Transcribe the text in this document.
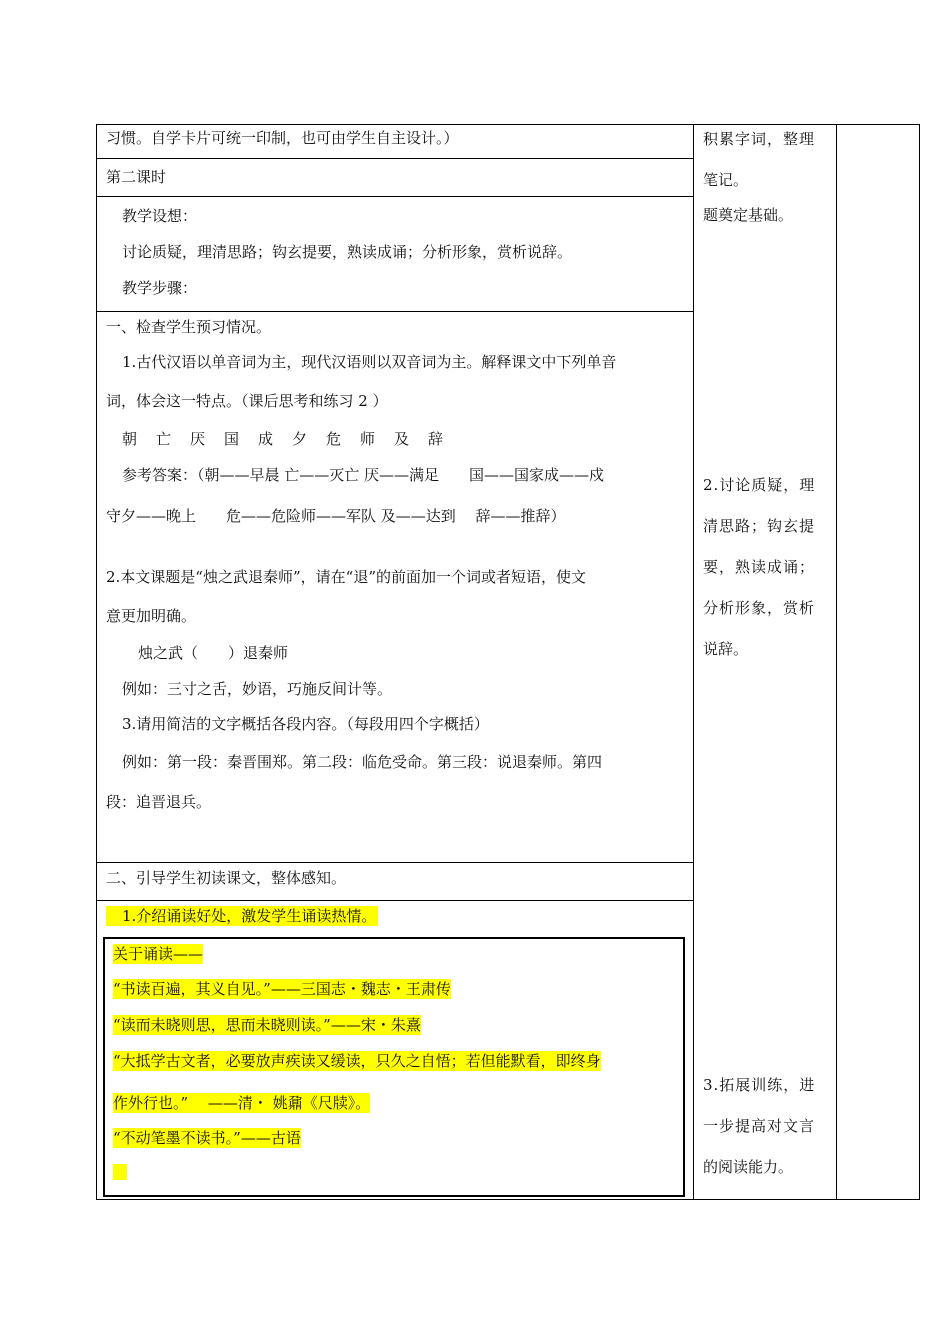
习惯。自学卡片可统一印制，也可由学生自主设计。）
第二课时
教学设想：
讨论质疑，理清思路；钩玄提要，熟读成诵；分析形象，赏析说辞。
教学步骤：
一、检查学生预习情况。
1.古代汉语以单音词为主，现代汉语则以双音词为主。解释课文中下列单音
词，体会这一特点。（课后思考和练习 2 ）
朝　亡　厌　国　成　夕　危　师　及　辞
参考答案：（朝——早晨 亡——灭亡 厌——满足　　国——国家成——戍
守夕——晚上　　危——危险师——军队 及——达到　 辞——推辞）
2.本文课题是“烛之武退秦师”，请在“退”的前面加一个词或者短语，使文
意更加明确。
烛之武（　　）退秦师
例如：三寸之舌，妙语，巧施反间计等。
3.请用简洁的文字概括各段内容。（每段用四个字概括）
例如：第一段：秦晋围郑。第二段：临危受命。第三段：说退秦师。第四
段：追晋退兵。
二、引导学生初读课文，整体感知。
1.介绍诵读好处，激发学生诵读热情。
关于诵读——
“书读百遍，其义自见。”——三国志・魏志・王肃传
“读而未晓则思，思而未晓则读。”——宋・朱熹
“大抵学古文者，必要放声疾读又缓读，只久之自悟；若但能默看，即终身
作外行也。”　 ——清・ 姚鼐《尺牍》。
“不动笔墨不读书。”——古语
积累字词，整理
笔记。
题奠定基础。
2.讨论质疑，理
清思路；钩玄提
要，熟读成诵；
分析形象，赏析
说辞。
3.拓展训练，进
一步提高对文言
的阅读能力。
